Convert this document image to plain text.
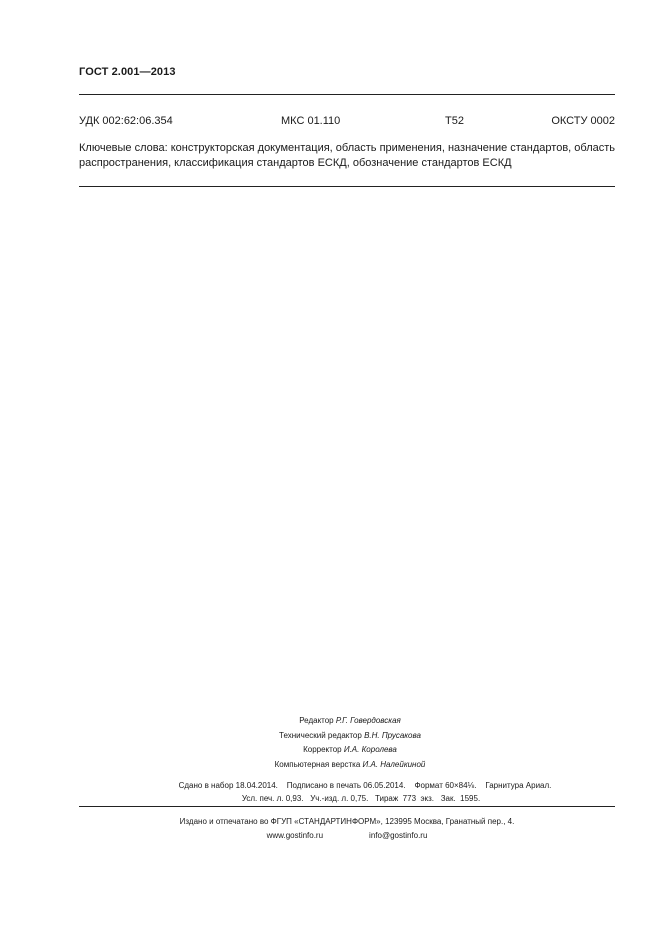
ГОСТ 2.001—2013
УДК 002:62:06.354	МКС 01.110	Т52	ОКСТУ 0002
Ключевые слова: конструкторская документация, область применения, назначение стандартов, область распространения, классификация стандартов ЕСКД, обозначение стандартов ЕСКД
Редактор Р.Г. Говердовская
Технический редактор В.Н. Прусакова
Корректор И.А. Королева
Компьютерная верстка И.А. Налейкиной
Сдано в набор 18.04.2014.    Подписано в печать 06.05.2014.    Формат 60×84⅛.    Гарнитура Ариал.
Усл. печ. л. 0,93.   Уч.-изд. л. 0,75.   Тираж  773  экз.   Зак.  1595.
Издано и отпечатано во ФГУП «СТАНДАРТИНФОРМ», 123995 Москва, Гранатный пер., 4.
www.gostinfo.ru	info@gostinfo.ru
